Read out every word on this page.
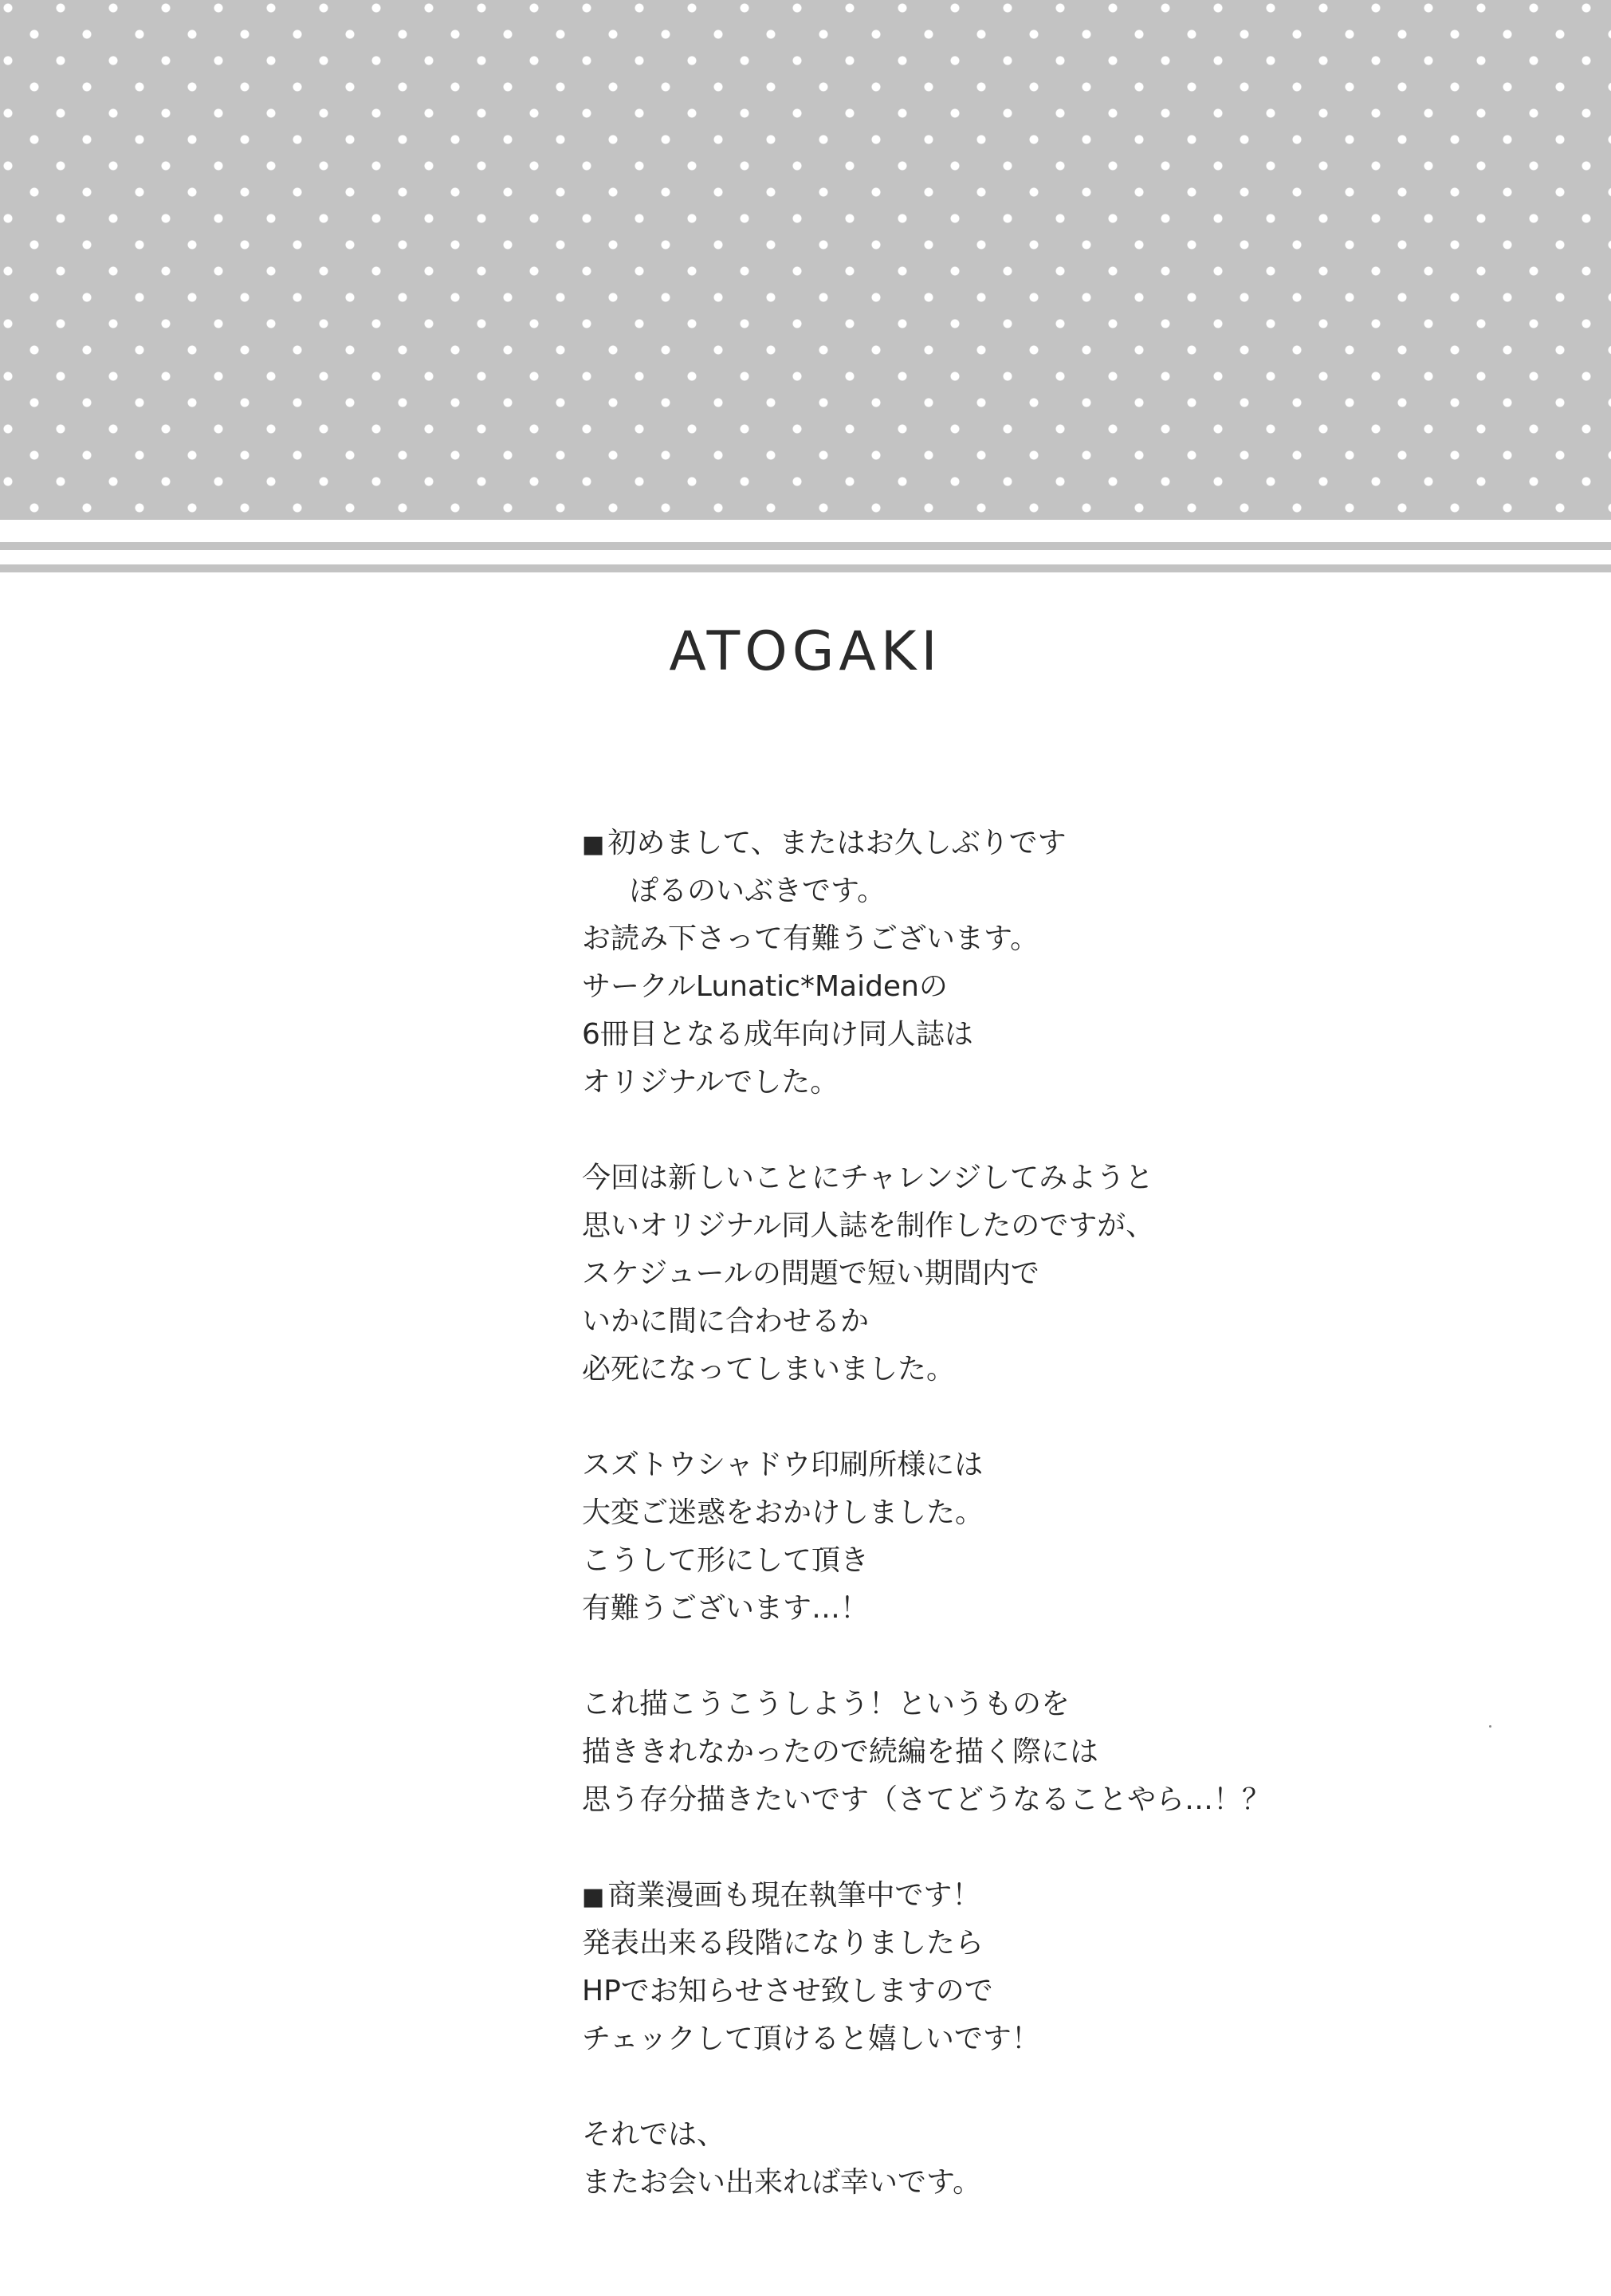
ATOGAKI

■ 初めまして、またはお久しぶりです
ぽるのいぶきです。
お読み下さって有難うございます。
サークルLunatic*Maidenの
6冊目となる成年向け同人誌は
オリジナルでした。

今回は新しいことにチャレンジしてみようと
思いオリジナル同人誌を制作したのですが、
スケジュールの問題で短い期間内で
いかに間に合わせるか
必死になってしまいました。

スズトウシャドウ印刷所様には
大変ご迷惑をおかけしました。
こうして形にして頂き
有難うございます…！

これ描こうこうしよう！というものを
描ききれなかったので続編を描く際には
思う存分描きたいです（さてどうなることやら…！？

■ 商業漫画も現在執筆中です！
発表出来る段階になりましたら
HPでお知らせさせ致しますので
チェックして頂けると嬉しいです！

それでは、
またお会い出来れば幸いです。
